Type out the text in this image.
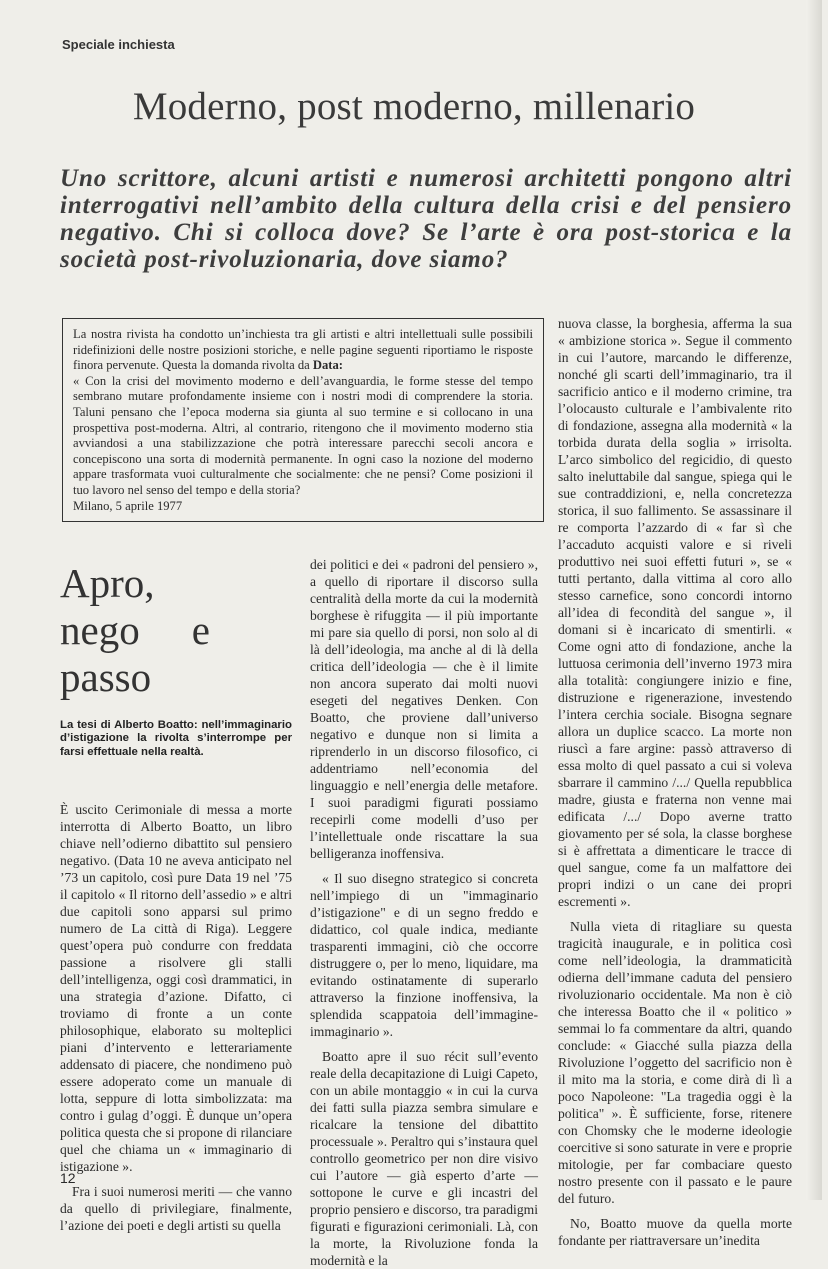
Speciale inchiesta
Moderno, post moderno, millenario
Uno scrittore, alcuni artisti e numerosi architetti pongono altri interrogativi nell’ambito della cultura della crisi e del pensiero negativo. Chi si colloca dove? Se l’arte è ora post-storica e la società post-rivoluzionaria, dove siamo?

La nostra rivista ha condotto un’inchiesta tra gli artisti e altri intellettuali sulle possibili ridefinizioni delle nostre posizioni storiche, e nelle pagine seguenti riportiamo le risposte finora pervenute. Questa la domanda rivolta da Data:

« Con la crisi del movimento moderno e dell’avanguardia, le forme stesse del tempo sembrano mutare profondamente insieme con i nostri modi di comprendere la storia. Taluni pensano che l’epoca moderna sia giunta al suo termine e si collocano in una prospettiva post-moderna. Altri, al contrario, ritengono che il movimento moderno stia avviandosi a una stabilizzazione che potrà interessare parecchi secoli ancora e concepiscono una sorta di modernità permanente. In ogni caso la nozione del moderno appare trasformata vuoi culturalmente che socialmente: che ne pensi? Come posizioni il tuo lavoro nel senso del tempo e della storia?

Milano, 5 aprile 1977
Apro, nego e passo
La tesi di Alberto Boatto: nell’immaginario d’istigazione la rivolta s’interrompe per farsi effettuale nella realtà.

È uscito Cerimoniale di messa a morte interrotta di Alberto Boatto, un libro chiave nell’odierno dibattito sul pensiero negativo. (Data 10 ne aveva anticipato nel ’73 un capitolo, così pure Data 19 nel ’75 il capitolo « Il ritorno dell’assedio » e altri due capitoli sono apparsi sul primo numero de La città di Riga). Leggere quest’opera può condurre con freddata passione a risolvere gli stalli dell’intelligenza, oggi così drammatici, in una strategia d’azione. Difatto, ci troviamo di fronte a un conte philosophique, elaborato su molteplici piani d’intervento e letterariamente addensato di piacere, che nondimeno può essere adoperato come un manuale di lotta, seppure di lotta simbolizzata: ma contro i gulag d’oggi. È dunque un’opera politica questa che si propone di rilanciare quel che chiama un « immaginario di istigazione ».

Fra i suoi numerosi meriti — che vanno da quello di privilegiare, finalmente, l’azione dei poeti e degli artisti su quella

dei politici e dei « padroni del pensiero », a quello di riportare il discorso sulla centralità della morte da cui la modernità borghese è rifuggita — il più importante mi pare sia quello di porsi, non solo al di là dell’ideologia, ma anche al di là della critica dell’ideologia — che è il limite non ancora superato dai molti nuovi esegeti del negatives Denken. Con Boatto, che proviene dall’universo negativo e dunque non si limita a riprenderlo in un discorso filosofico, ci addentriamo nell’economia del linguaggio e nell’energia delle metafore. I suoi paradigmi figurati possiamo recepirli come modelli d’uso per l’intellettuale onde riscattare la sua belligeranza inoffensiva.

« Il suo disegno strategico si concreta nell’impiego di un "immaginario d’istigazione" e di un segno freddo e didattico, col quale indica, mediante trasparenti immagini, ciò che occorre distruggere o, per lo meno, liquidare, ma evitando ostinatamente di superarlo attraverso la finzione inoffensiva, la splendida scappatoia dell’immagine-immaginario ».

Boatto apre il suo récit sull’evento reale della decapitazione di Luigi Capeto, con un abile montaggio « in cui la curva dei fatti sulla piazza sembra simulare e ricalcare la tensione del dibattito processuale ». Peraltro qui s’instaura quel controllo geometrico per non dire visivo cui l’autore — già esperto d’arte — sottopone le curve e gli incastri del proprio pensiero e discorso, tra paradigmi figurati e figurazioni cerimoniali. Là, con la morte, la Rivoluzione fonda la modernità e la

nuova classe, la borghesia, afferma la sua « ambizione storica ». Segue il commento in cui l’autore, marcando le differenze, nonché gli scarti dell’immaginario, tra il sacrificio antico e il moderno crimine, tra l’olocausto culturale e l’ambivalente rito di fondazione, assegna alla modernità « la torbida durata della soglia » irrisolta. L’arco simbolico del regicidio, di questo salto ineluttabile dal sangue, spiega qui le sue contraddizioni, e, nella concretezza storica, il suo fallimento. Se assassinare il re comporta l’azzardo di « far sì che l’accaduto acquisti valore e si riveli produttivo nei suoi effetti futuri », se « tutti pertanto, dalla vittima al coro allo stesso carnefice, sono concordi intorno all’idea di fecondità del sangue », il domani si è incaricato di smentirli. « Come ogni atto di fondazione, anche la luttuosa cerimonia dell’inverno 1973 mira alla totalità: congiungere inizio e fine, distruzione e rigenerazione, investendo l’intera cerchia sociale. Bisogna segnare allora un duplice scacco. La morte non riuscì a fare argine: passò attraverso di essa molto di quel passato a cui si voleva sbarrare il cammino /.../ Quella repubblica madre, giusta e fraterna non venne mai edificata /.../ Dopo averne tratto giovamento per sé sola, la classe borghese si è affrettata a dimenticare le tracce di quel sangue, come fa un malfattore dei propri indizi o un cane dei propri escrementi ».

Nulla vieta di ritagliare su questa tragicità inaugurale, e in politica così come nell’ideologia, la drammaticità odierna dell’immane caduta del pensiero rivoluzionario occidentale. Ma non è ciò che interessa Boatto che il « politico » semmai lo fa commentare da altri, quando conclude: « Giacché sulla piazza della Rivoluzione l’oggetto del sacrificio non è il mito ma la storia, e come dirà di lì a poco Napoleone: "La tragedia oggi è la politica" ». È sufficiente, forse, ritenere con Chomsky che le moderne ideologie coercitive si sono saturate in vere e proprie mitologie, per far combaciare questo nostro presente con il passato e le paure del futuro.

No, Boatto muove da quella morte fondante per riattraversare un’inedita

12
